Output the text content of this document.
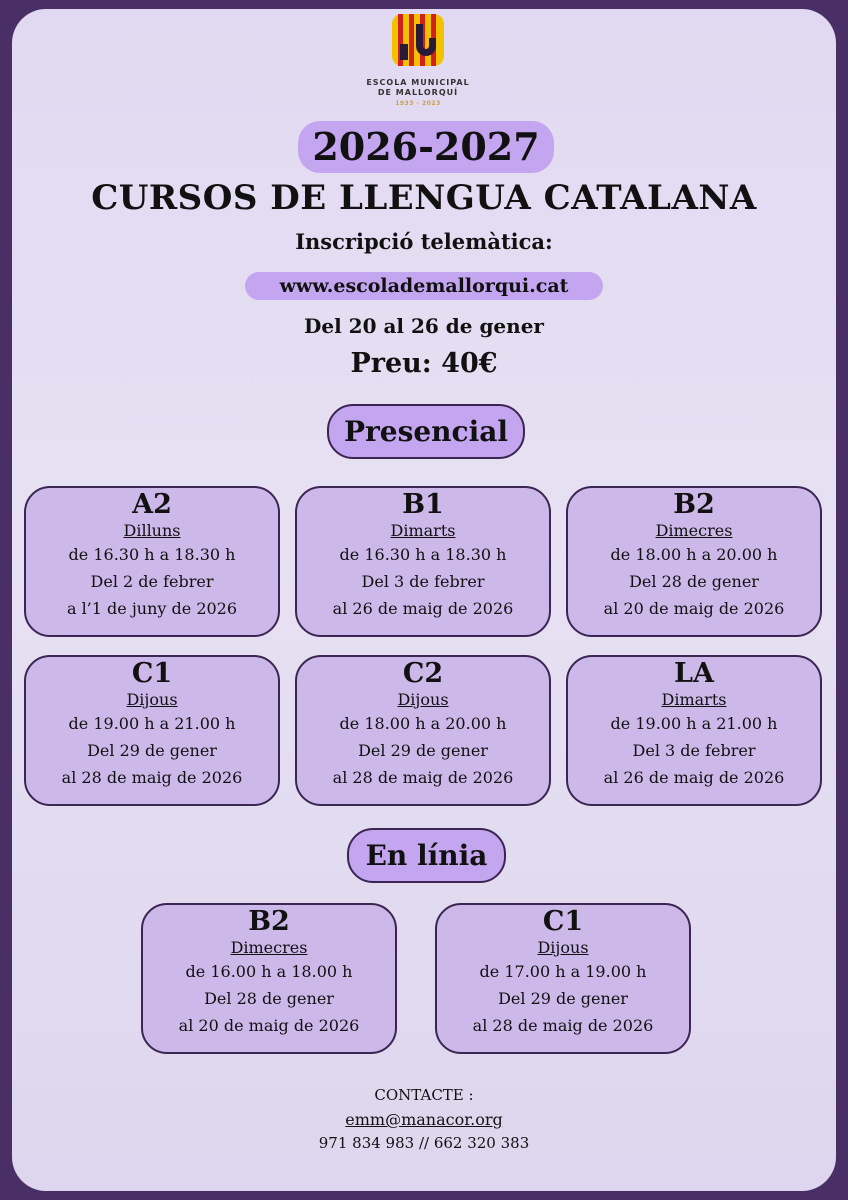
ESCOLA MUNICIPAL
DE MALLORQUÍ
1933 - 2023
2026-2027
CURSOS DE LLENGUA CATALANA
Inscripció telemàtica:
www.escolademallorqui.cat
Del 20 al 26 de gener
Preu: 40€
Presencial
A2
Dilluns
de 16.30 h a 18.30 h
Del 2 de febrer
a l’1 de juny de 2026
B1
Dimarts
de 16.30 h a 18.30 h
Del 3 de febrer
al 26 de maig de 2026
B2
Dimecres
de 18.00 h a 20.00 h
Del 28 de gener
al 20 de maig de 2026
C1
Dijous
de 19.00 h a 21.00 h
Del 29 de gener
al 28 de maig de 2026
C2
Dijous
de 18.00 h a 20.00 h
Del 29 de gener
al 28 de maig de 2026
LA
Dimarts
de 19.00 h a 21.00 h
Del 3 de febrer
al 26 de maig de 2026
En línia
B2
Dimecres
de 16.00 h a 18.00 h
Del 28 de gener
al 20 de maig de 2026
C1
Dijous
de 17.00 h a 19.00 h
Del 29 de gener
al 28 de maig de 2026
CONTACTE :
emm@manacor.org
971 834 983 // 662 320 383
